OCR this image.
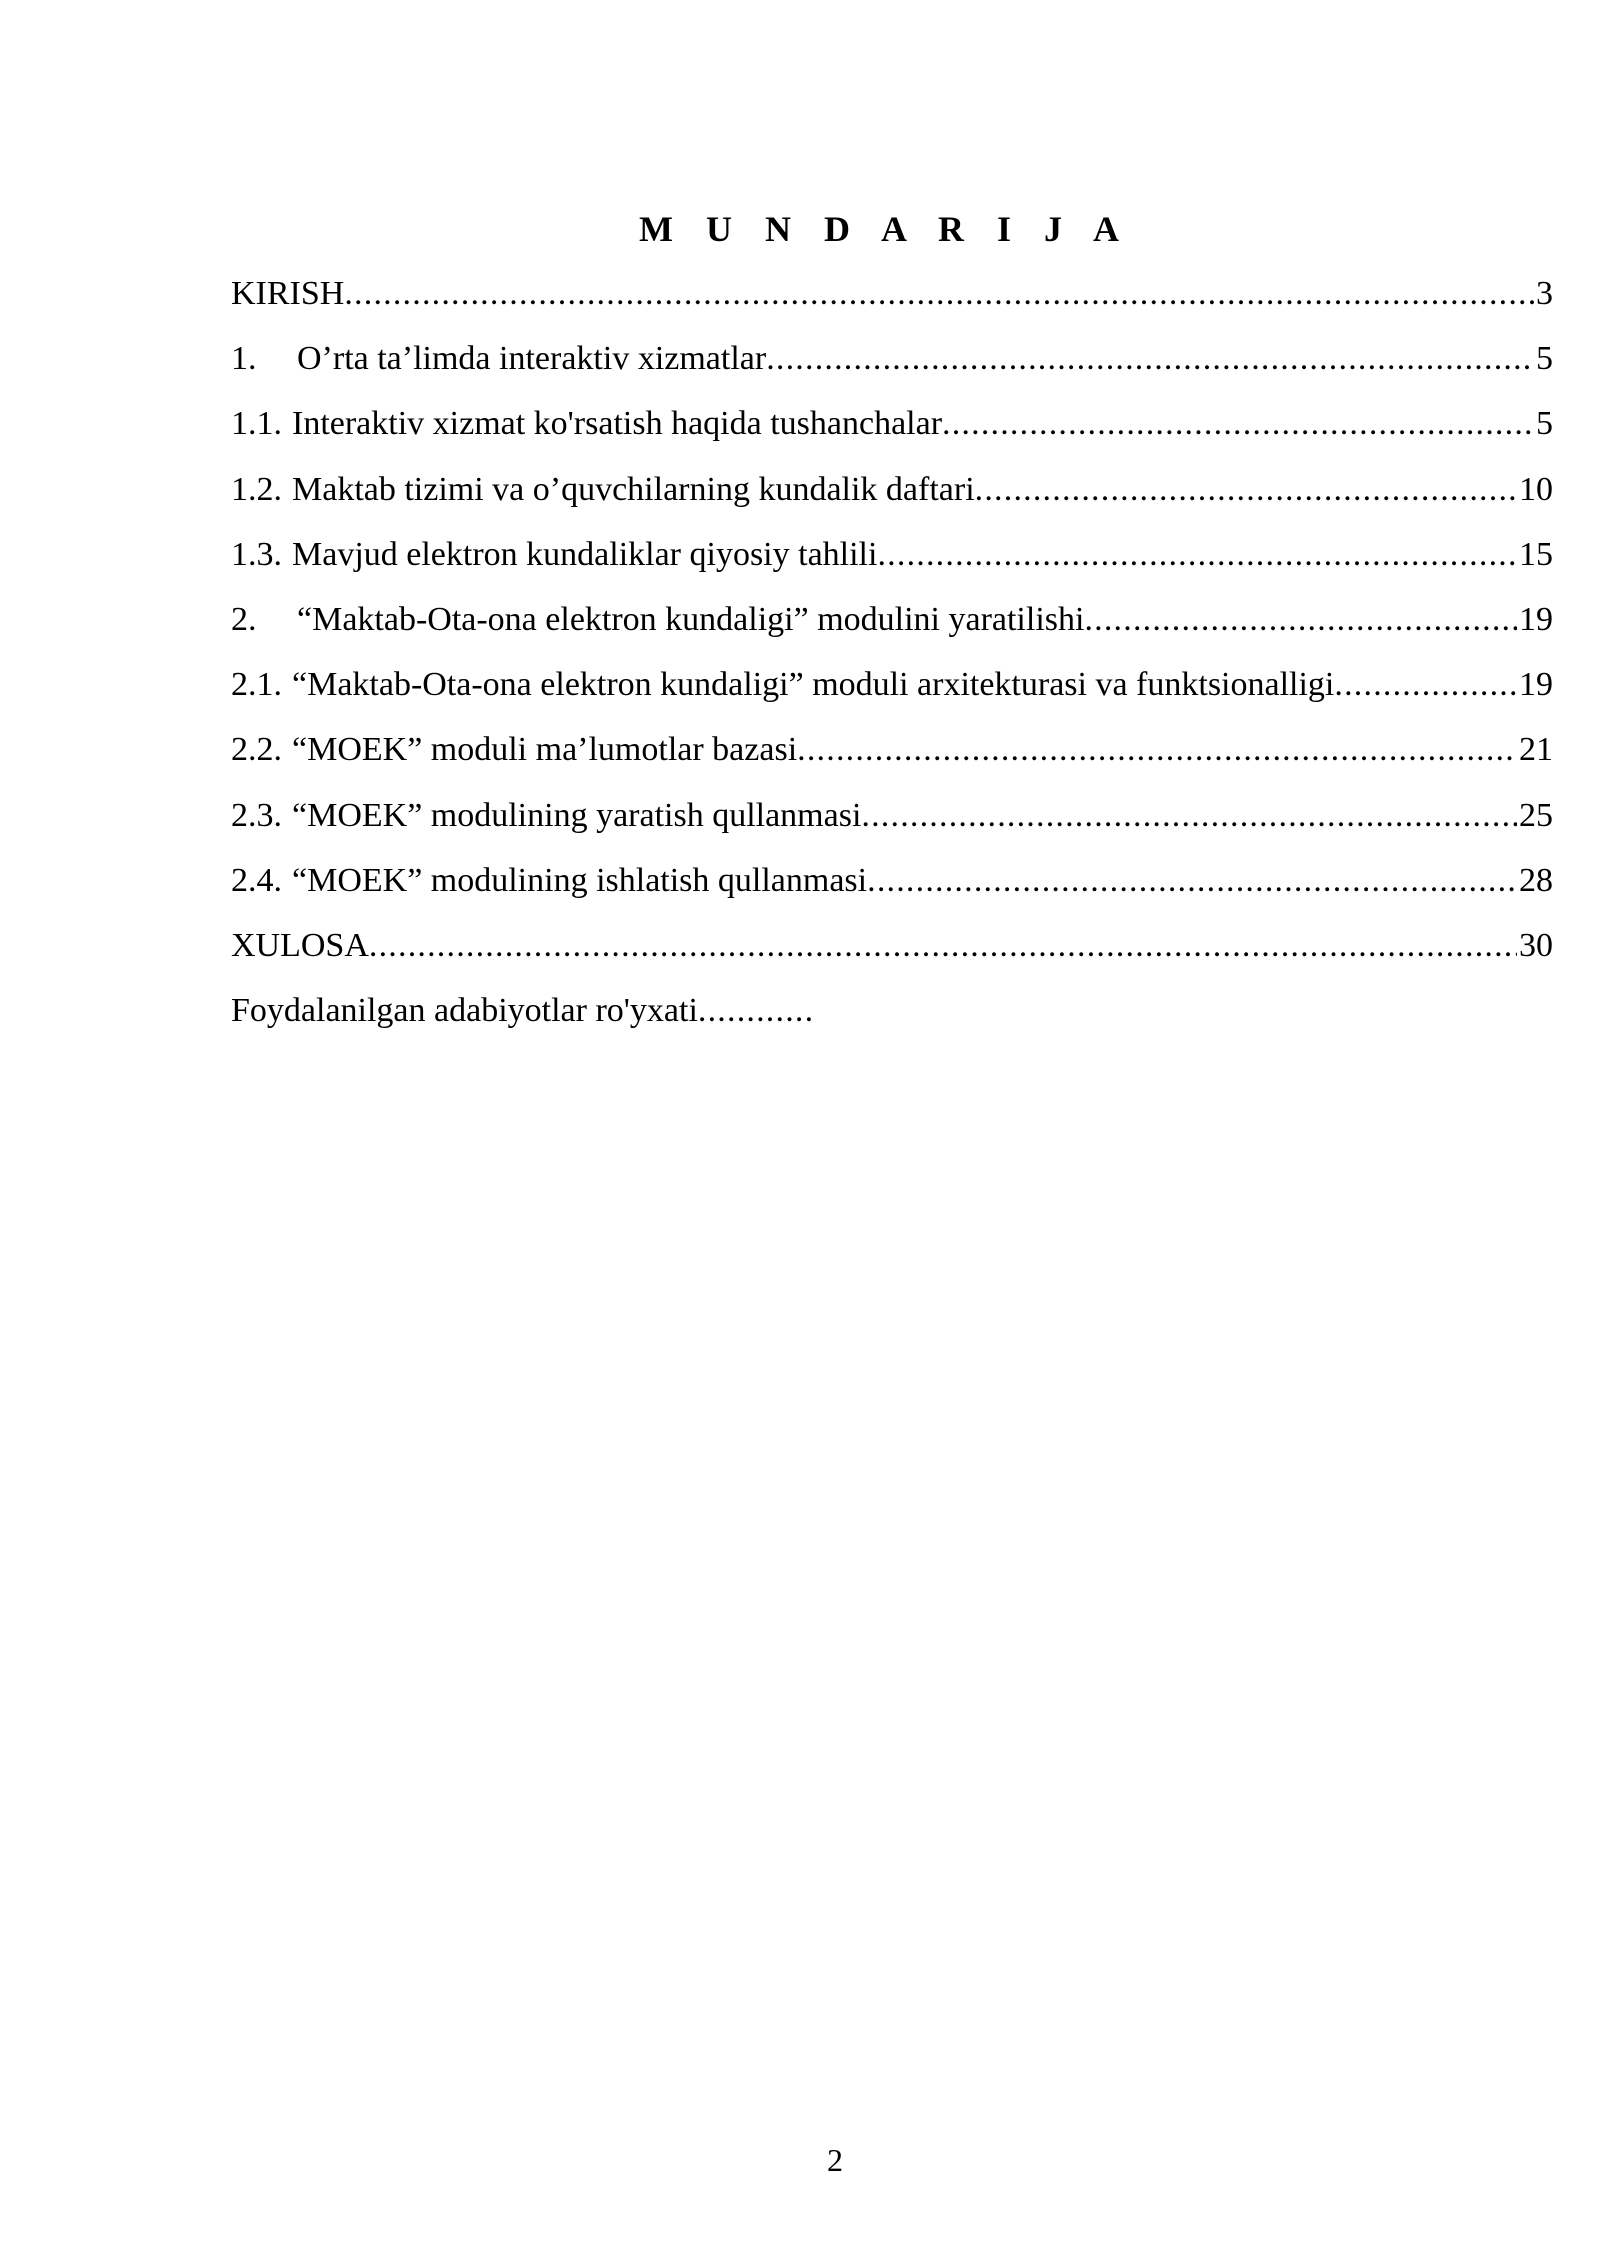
M U N D A R I J A
KIRISH .....	3
1.	O’rta ta’limda interaktiv xizmatlar .....	5
1.1. Interaktiv xizmat ko'rsatish haqida tushanchalar .....	5
1.2. Maktab tizimi va o’quvchilarning kundalik daftari .....	10
1.3. Mavjud elektron kundaliklar qiyosiy tahlili .....	15
2.	“Maktab-Ota-ona elektron kundaligi” modulini yaratilishi .....	19
2.1. “Maktab-Ota-ona elektron kundaligi” moduli arxitekturasi va funktsionalligi .....	19
2.2. “MOEK” moduli ma’lumotlar bazasi .....	21
2.3. “MOEK” modulining yaratish qullanmasi .....	25
2.4. “MOEK” modulining ishlatish qullanmasi .....	28
XULOSA .....	30
Foydalanilgan adabiyotlar ro'yxati
.....
2
